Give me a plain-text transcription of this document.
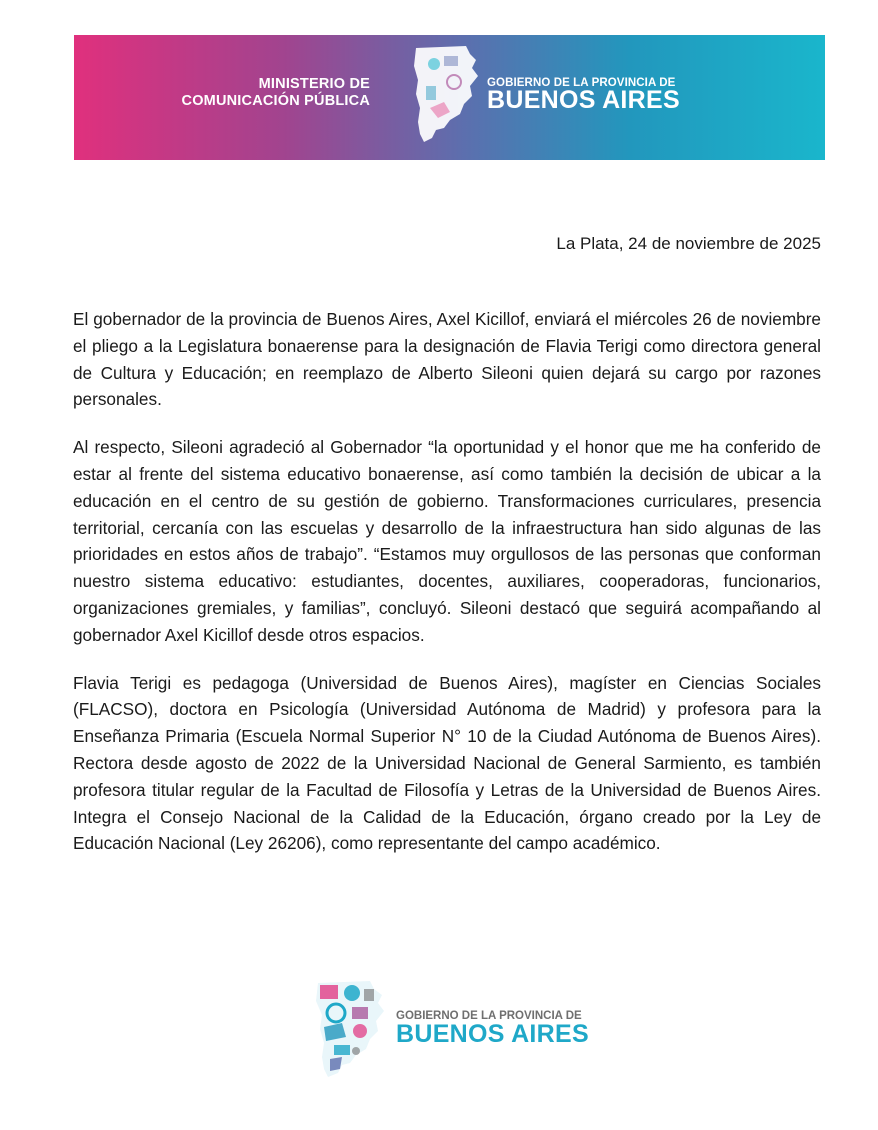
MINISTERIO DE
COMUNICACIÓN PÚBLICA
GOBIERNO DE LA PROVINCIA DE
BUENOS AIRES
La Plata, 24 de noviembre de 2025

El gobernador de la provincia de Buenos Aires, Axel Kicillof, enviará el miércoles 26 de noviembre el pliego a la Legislatura bonaerense para la designación de Flavia Terigi como directora general de Cultura y Educación; en reemplazo de Alberto Sileoni quien dejará su cargo por razones personales.

Al respecto, Sileoni agradeció al Gobernador “la oportunidad y el honor que me ha conferido de estar al frente del sistema educativo bonaerense, así como también la decisión de ubicar a la educación en el centro de su gestión de gobierno. Transformaciones curriculares, presencia territorial, cercanía con las escuelas y desarrollo de la infraestructura han sido algunas de las prioridades en estos años de trabajo”. “Estamos muy orgullosos de las personas que conforman nuestro sistema educativo: estudiantes, docentes, auxiliares, cooperadoras, funcionarios, organizaciones gremiales, y familias”, concluyó. Sileoni destacó que seguirá acompañando al gobernador Axel Kicillof desde otros espacios.

Flavia Terigi es pedagoga (Universidad de Buenos Aires), magíster en Ciencias Sociales (FLACSO), doctora en Psicología (Universidad Autónoma de Madrid) y profesora para la Enseñanza Primaria (Escuela Normal Superior N° 10 de la Ciudad Autónoma de Buenos Aires). Rectora desde agosto de 2022 de la Universidad Nacional de General Sarmiento, es también profesora titular regular de la Facultad de Filosofía y Letras de la Universidad de Buenos Aires. Integra el Consejo Nacional de la Calidad de la Educación, órgano creado por la Ley de Educación Nacional (Ley 26206), como representante del campo académico.

GOBIERNO DE LA PROVINCIA DE
BUENOS AIRES
